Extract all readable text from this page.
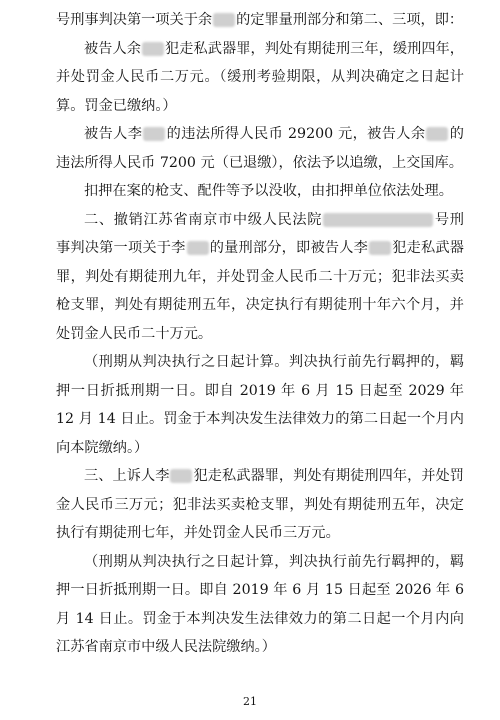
号刑事判决第一项关于余 的定罪量刑部分和第二、三项，即：

被告人余 犯走私武器罪，判处有期徒刑三年，缓刑四年，并处罚金人民币二万元。（缓刑考验期限，从判决确定之日起计算。罚金已缴纳。）

被告人李 的违法所得人民币 29200 元，被告人余 的违法所得人民币 7200 元（已退缴），依法予以追缴，上交国库。

扣押在案的枪支、配件等予以没收，由扣押单位依法处理。

二、撤销江苏省南京市中级人民法院	号刑事判决第一项关于李 的量刑部分，即被告人李 犯走私武器罪，判处有期徒刑九年，并处罚金人民币二十万元；犯非法买卖枪支罪，判处有期徒刑五年，决定执行有期徒刑十年六个月，并处罚金人民币二十万元。

（刑期从判决执行之日起计算。判决执行前先行羁押的，羁押一日折抵刑期一日。即自 2019 年 6 月 15 日起至 2029 年 12 月 14 日止。罚金于本判决发生法律效力的第二日起一个月内向本院缴纳。）

三、上诉人李 犯走私武器罪，判处有期徒刑四年，并处罚金人民币三万元；犯非法买卖枪支罪，判处有期徒刑五年，决定执行有期徒刑七年，并处罚金人民币三万元。

（刑期从判决执行之日起计算，判决执行前先行羁押的，羁押一日折抵刑期一日。即自 2019 年 6 月 15 日起至 2026 年 6 月 14 日止。罚金于本判决发生法律效力的第二日起一个月内向江苏省南京市中级人民法院缴纳。）

21
